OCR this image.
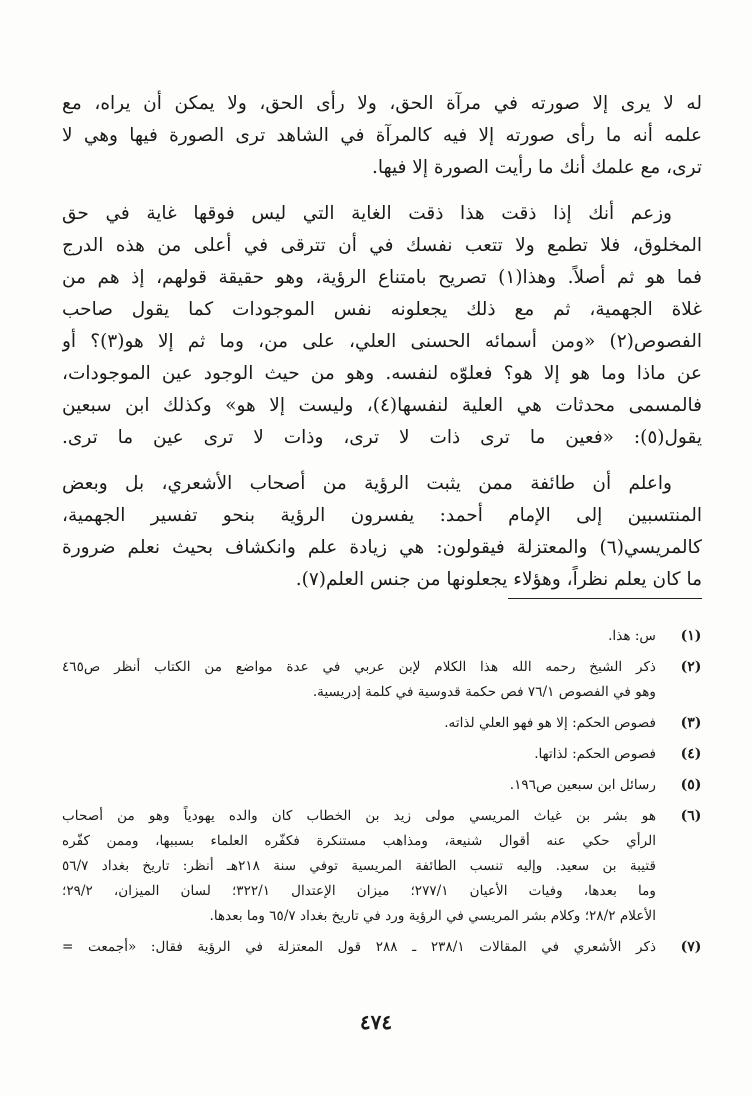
له لا يرى إلا صورته في مرآة الحق، ولا رأى الحق، ولا يمكن أن يراه، مع
علمه أنه ما رأى صورته إلا فيه كالمرآة في الشاهد ترى الصورة فيها وهي لا
ترى، مع علمك أنك ما رأيت الصورة إلا فيها.
وزعم أنك إذا ذقت هذا ذقت الغاية التي ليس فوقها غاية في حق
المخلوق، فلا تطمع ولا تتعب نفسك في أن تترقى في أعلى من هذه الدرج
فما هو ثم أصلاً. وهذا(١) تصريح بامتناع الرؤية، وهو حقيقة قولهم، إذ هم من
غلاة الجهمية، ثم مع ذلك يجعلونه نفس الموجودات كما يقول صاحب
الفصوص(٢) «ومن أسمائه الحسنى العلي، على من، وما ثم إلا هو(٣)؟ أو
عن ماذا وما هو إلا هو؟ فعلوّه لنفسه. وهو من حيث الوجود عين الموجودات،
فالمسمى محدثات هي العلية لنفسها(٤)، وليست إلا هو» وكذلك ابن سبعين
يقول(٥): «فعين ما ترى ذات لا ترى، وذات لا ترى عين ما ترى.
واعلم أن طائفة ممن يثبت الرؤية من أصحاب الأشعري، بل وبعض
المنتسبين إلى الإمام أحمد: يفسرون الرؤية بنحو تفسير الجهمية،
كالمريسي(٦) والمعتزلة فيقولون: هي زيادة علم وانكشاف بحيث نعلم ضرورة
ما كان يعلم نظراً، وهؤلاء يجعلونها من جنس العلم(٧).
(١)
س: هذا.
(٢)
ذكر الشيخ رحمه الله هذا الكلام لإبن عربي في عدة مواضع من الكتاب أنظر ص٤٦٥
وهو في الفصوص ٧٦/١ فص حكمة قدوسية في كلمة إدريسية.
(٣)
فصوص الحكم: إلا هو فهو العلي لذاته.
(٤)
فصوص الحكم: لذاتها.
(٥)
رسائل ابن سبعين ص١٩٦.
(٦)
هو بشر بن غياث المريسي مولى زيد بن الخطاب كان والده يهودياً وهو من أصحاب
الرأي حكي عنه أقوال شنيعة، ومذاهب مستنكرة فكفّره العلماء بسببها، وممن كفّره
قتيبة بن سعيد. وإليه تنسب الطائفة المريسية توفي سنة ٢١٨هـ أنظر: تاريخ بغداد ٥٦/٧
وما بعدها، وفيات الأعيان ٢٧٧/١؛ ميزان الإعتدال ٣٢٢/١؛ لسان الميزان، ٢٩/٢؛
الأعلام ٢٨/٢؛ وكلام بشر المريسي في الرؤية ورد في تاريخ بغداد ٦٥/٧ وما بعدها.
(٧)
ذكر الأشعري في المقالات ٢٣٨/١ ـ ٢٨٨ قول المعتزلة في الرؤية فقال: «أجمعت =
٤٧٤
